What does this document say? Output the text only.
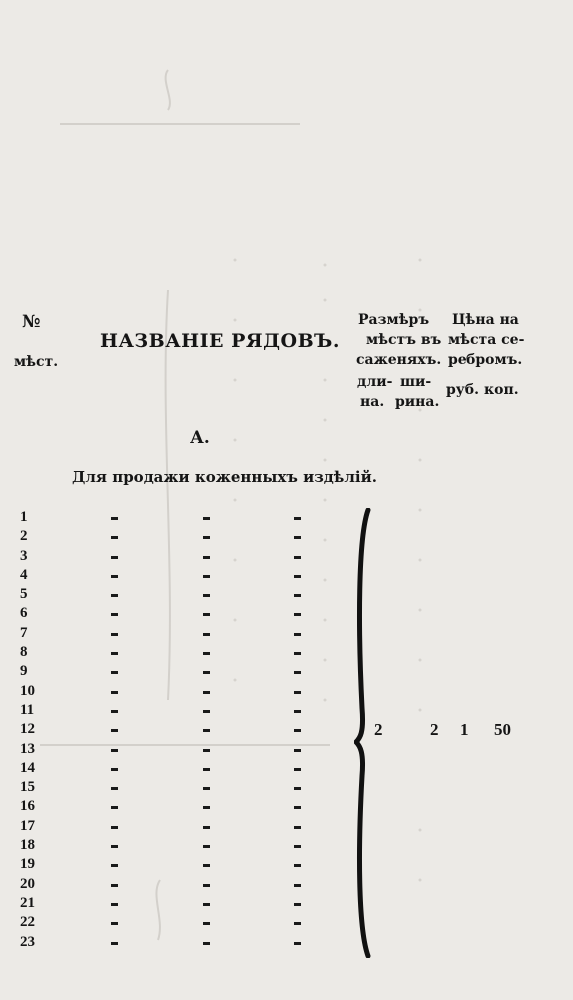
№
мѣст.
НАЗВАНІЕ РЯДОВЪ.
Размѣръ
мѣстъ въ
саженяхъ.
дли-
на.
ши-
рина.
Цѣна на
мѣста се-
ре бромъ.
руб. коп.
А.
Для продажи коженныхъ издѣлій.
1
2
3
4
5
6
7
8
9
10
11
12
13
14
15
16
17
18
19
20
21
22
23
2	2 1 50
